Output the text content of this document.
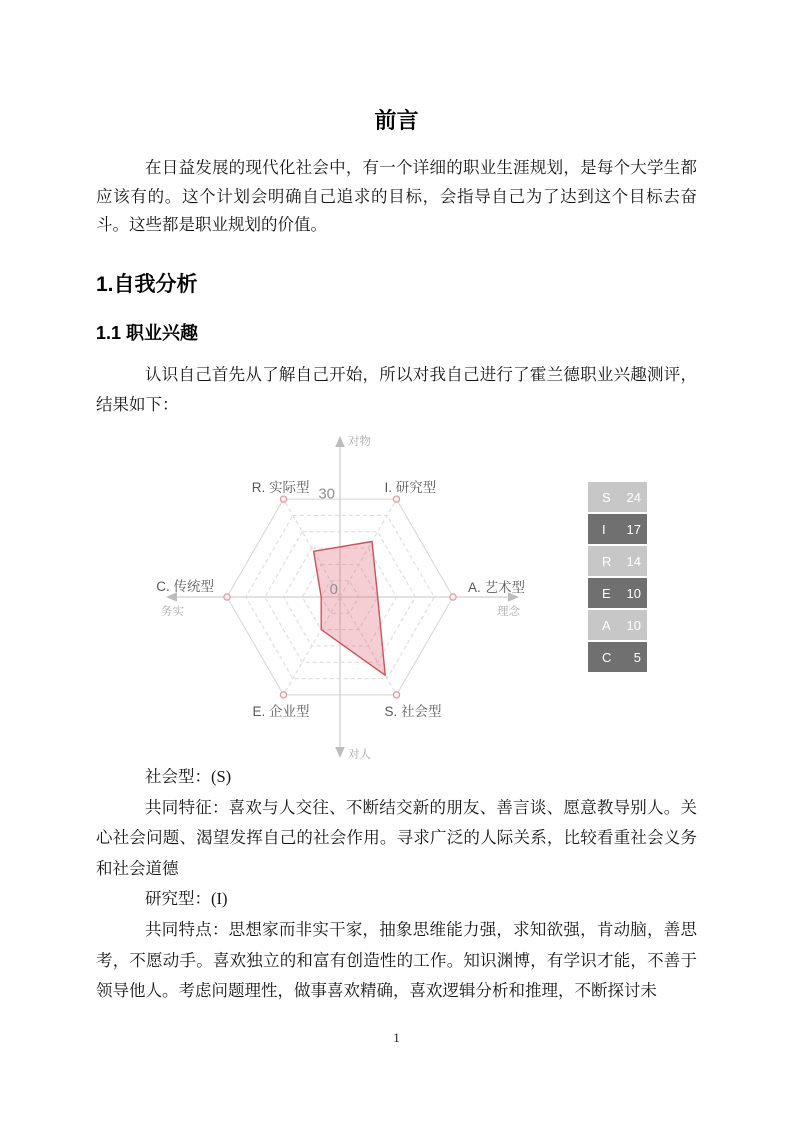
前言

在日益发展的现代化社会中，有一个详细的职业生涯规划，是每个大学生都应该有的。这个计划会明确自己追求的目标，会指导自己为了达到这个目标去奋斗。这些都是职业规划的价值。

1.自我分析
1.1 职业兴趣

认识自己首先从了解自己开始，所以对我自己进行了霍兰德职业兴趣测评，结果如下：

R. 实际型	I. 研究型
A. 艺术型
S. 社会型
E. 企业型
C. 传统型
30
0
对物
对人
务实	理念
S 24
I 17
R 14
E 10
A 10
C 5

社会型：(S)

共同特征：喜欢与人交往、不断结交新的朋友、善言谈、愿意教导别人。关心社会问题、渴望发挥自己的社会作用。寻求广泛的人际关系，比较看重社会义务和社会道德

研究型：(I)

共同特点：思想家而非实干家，抽象思维能力强，求知欲强，肯动脑，善思考，不愿动手。喜欢独立的和富有创造性的工作。知识渊博，有学识才能，不善于领导他人。考虑问题理性，做事喜欢精确，喜欢逻辑分析和推理，不断探讨未

1
